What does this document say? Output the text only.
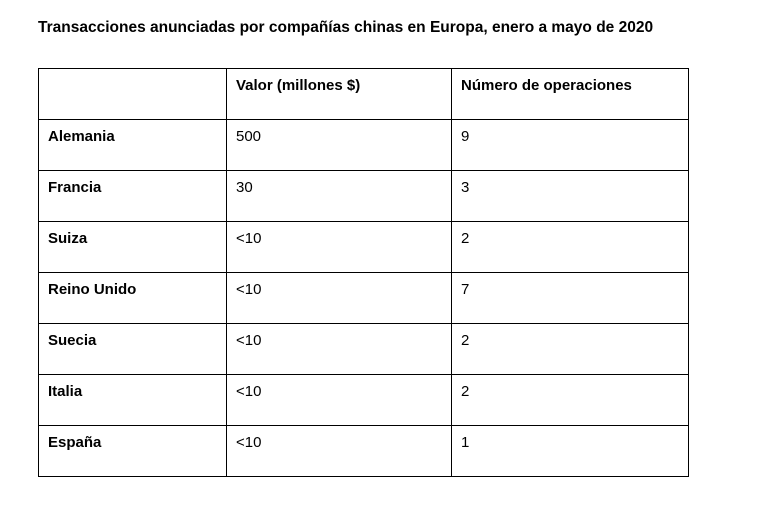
Transacciones anunciadas por compañías chinas en Europa, enero a mayo de 2020

	Valor (millones $)	Número de operaciones

Alemania	500	9

Francia	30	3

Suiza	<10	2

Reino Unido	<10	7

Suecia	<10	2

Italia	<10	2

España	<10	1
